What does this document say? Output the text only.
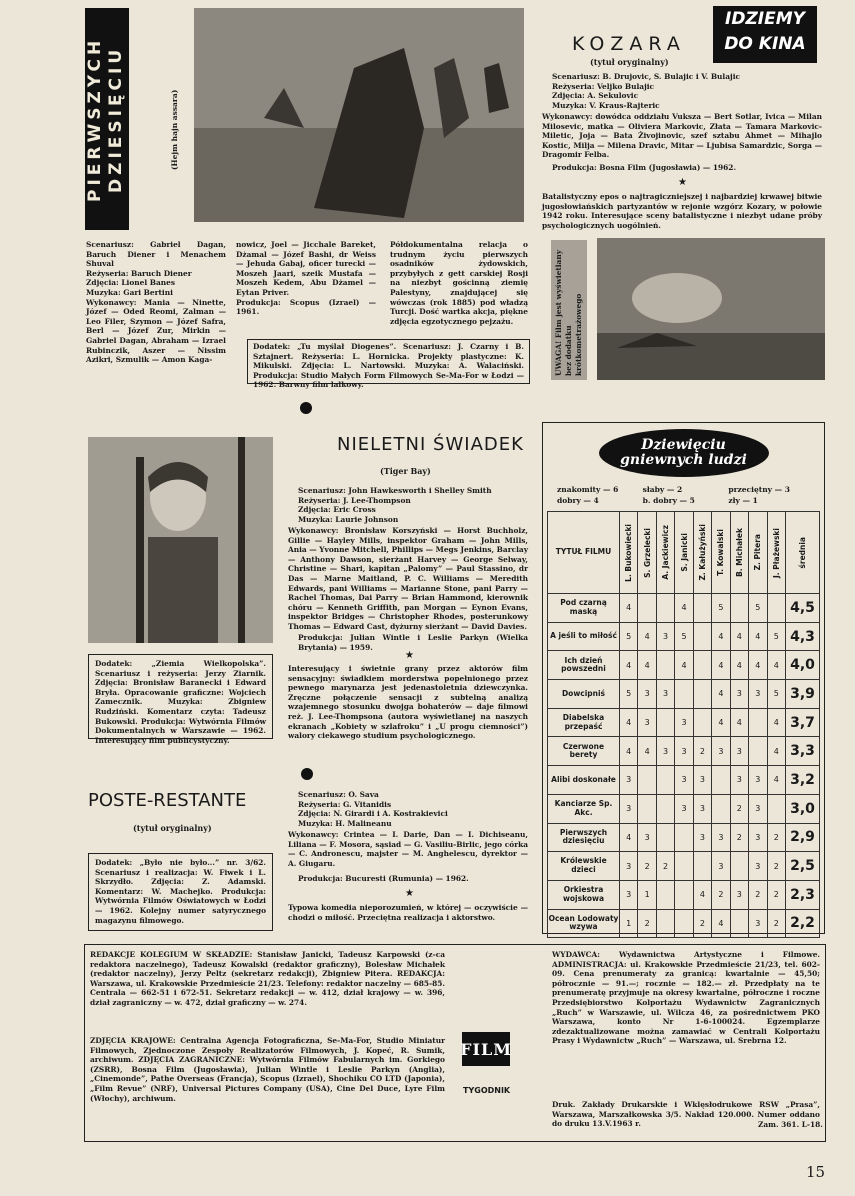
PIERWSZYCH DZIESIĘCIU	(Hejm hajn assara)
IDZIEMY
DO KINA
KOZARA
(tytuł oryginalny)
Scenariusz: B. Drujovic, S. Bulajic i V. Bulajic
Reżyseria: Veljko Bulajic
Zdjęcia: A. Sekulovic
Muzyka: V. Kraus-Rajteric
Wykonawcy: dowódca oddziału Vuksza — Bert Sotlar, Ivica — Milan Milosevic, matka — Oliviera Markovic, Złata — Tamara Markovic-Miletic, Joja — Bata Żivojinovic, szef sztabu Ahmet — Mihajlo Kostic, Milja — Milena Dravic, Mitar — Ljubisa Samardzic, Sorga — Dragomir Felba.
Produkcja: Bosna Film (Jugosławia) — 1962.
★
Batalistyczny epos o najtragiczniejszej i najbardziej krwawej bitwie jugosłowiańskich partyzantów w rejonie wzgórz Kozary, w połowie 1942 roku. Interesujące sceny batalistyczne i niezbyt udane próby psychologicznych uogólnień.
Scenariusz: Gabriel Dagan, Baruch Diener i Menachem Shuval
Reżyseria: Baruch Diener
Zdjęcia: Lionel Banes
Muzyka: Gari Bertini
Wykonawcy: Mania — Ninette, Józef — Oded Reomi, Zalman — Leo Filer, Szymon — Józef Safra, Berl — Józef Zur, Mirkin — Gabriel Dagan, Abraham — Izrael Rubinczik, Aszer — Nissim Azikri, Szmulik — Amon Kaga-
nowicz, Joel — Jicchale Bareket, Dżamal — Józef Bashi, dr Weiss — Jehuda Gabaj, oficer turecki — Moszeh Jaari, szeik Mustafa — Moszeh Kedem, Abu Dżamel — Eytan Priver.
Produkcja: Scopus (Izrael) — 1961.
Półdokumentalna relacja o trudnym życiu pierwszych osadników żydowskich, przybyłych z gett carskiej Rosji na niezbyt gościnną ziemię Palestyny, znajdującej się wówczas (rok 1885) pod władzą Turcji. Dość wartka akcja, piękne zdjęcia egzotycznego pejzażu.
Dodatek: „Tu myślał Diogenes”. Scenariusz: J. Czarny i B. Sztajnert. Reżyseria: L. Hornicka. Projekty plastyczne: K. Mikulski. Zdjęcia: L. Nartowski. Muzyka: A. Walaciński. Produkcja: Studio Małych Form Filmowych Se-Ma-For w Łodzi — 1962. Barwny film lalkowy.
UWAGA! Film jest wyświetlany bez dodatku krótkometrażowego
Dodatek: „Ziemia Wielkopolska”. Scenariusz i reżyseria: Jerzy Ziarnik. Zdjęcia: Bronisław Baranecki i Edward Bryła. Opracowanie graficzne: Wojciech Zamecznik. Muzyka: Zbigniew Rudziński. Komentarz czyta: Tadeusz Bukowski. Produkcja: Wytwórnia Filmów Dokumentalnych w Warszawie — 1962. Interesujący film publicystyczny.
NIELETNI ŚWIADEK
(Tiger Bay)
Scenariusz: John Hawkesworth i Shelley Smith
Reżyseria: J. Lee-Thompson
Zdjęcia: Eric Cross
Muzyka: Laurie Johnson
Wykonawcy: Bronisław Korszyński — Horst Buchholz, Gillie — Hayley Mills, inspektor Graham — John Mills, Ania — Yvonne Mitchell, Phillips — Megs Jenkins, Barclay — Anthony Dawson, sierżant Harvey — George Selway, Christine — Shari, kapitan „Palomy” — Paul Stassino, dr Das — Marne Maitland, P. C. Williams — Meredith Edwards, pani Williams — Marianne Stone, pani Parry — Rachel Thomas, Dai Parry — Brian Hammond, kierownik chóru — Kenneth Griffith, pan Morgan — Eynon Evans, inspektor Bridges — Christopher Rhodes, posterunkowy Thomas — Edward Cast, dyżurny sierżant — David Davies.
Produkcja: Julian Wintle i Leslie Parkyn (Wielka Brytania) — 1959.
★
Interesujący i świetnie grany przez aktorów film sensacyjny: świadkiem morderstwa popełnionego przez pewnego marynarza jest jedenastoletnia dziewczynka. Zręczne połączenie sensacji z subtelną analizą wzajemnego stosunku dwojga bohaterów — daje filmowi reż. J. Lee-Thompsona (autora wyświetlanej na naszych ekranach „Kobiety w szlafroku” i „U progu ciemności”) walory ciekawego studium psychologicznego.
POSTE-RESTANTE
(tytuł oryginalny)
Dodatek: „Było nie było...” nr. 3/62. Scenariusz i realizacja: W. Fiwek i L. Skrzydło. Zdjęcia: Z. Adamski. Komentarz: W. Machejko. Produkcja: Wytwórnia Filmów Oświatowych w Łodzi — 1962. Kolejny numer satyrycznego magazynu filmowego.
Scenariusz: O. Sava
Reżyseria: G. Vitanidis
Zdjęcia: N. Girardi i A. Kostrakievici
Muzyka: H. Malineanu
Wykonawcy: Crintea — I. Darie, Dan — I. Dichiseanu, Liliana — F. Mosora, sąsiad — G. Vasiliu-Birlic, jego córka — C. Andronescu, majster — M. Anghelescu, dyrektor — A. Giugaru.
Produkcja: Bucuresti (Rumunia) — 1962.
★
Typowa komedia nieporozumień, w której — oczywiście — chodzi o miłość. Przeciętna realizacja i aktorstwo.
Dziewięciu gniewnych ludzi
znakomity — 6	słaby — 2	przeciętny — 3
dobry — 4	b. dobry — 5	zły — 1
TYTUŁ FILMU	L. Bukowiecki	S. Grzelecki	A. Jackiewicz	S. Janicki	Z. Kałużyński	T. Kowalski	B. Michałek	Z. Pitera	J. Płażewski	średnia

Pod czarną maską	4			4		5		5		4,5
A jeśli to miłość	5	4	3	5		4	4	4	5	4,3
Ich dzień powszedni	4	4		4		4	4	4	4	4,0
Dowcipniś	5	3	3			4	3	3	5	3,9
Diabelska przepaść	4	3		3		4	4		4	3,7
Czerwone berety	4	4	3	3	2	3	3		4	3,3
Alibi doskonałe	3			3	3		3	3	4	3,2
Kanciarze Sp. Akc.	3			3	3		2	3		3,0
Pierwszych dziesięciu	4	3			3	3	2	3	2	2,9
Królewskie dzieci	3	2	2			3		3	2	2,5
Orkiestra wojskowa	3	1			4	2	3	2	2	2,3
Ocean Lodowaty wzywa	1	2			2	4		3	2	2,2
REDAKCJE KOLEGIUM W SKŁADZIE: Stanisław Janicki, Tadeusz Karpowski (z-ca redaktora naczelnego), Tadeusz Kowalski (redaktor graficzny), Bolesław Michałek (redaktor naczelny), Jerzy Peltz (sekretarz redakcji), Zbigniew Pitera. REDAKCJA: Warszawa, ul. Krakowskie Przedmieście 21/23. Telefony: redaktor naczelny — 685-85. Centrala — 662-51 i 672-51. Sekretarz redakcji — w. 412, dział krajowy — w. 396, dział zagraniczny — w. 472, dział graficzny — w. 274.
ZDJĘCIA KRAJOWE: Centralna Agencja Fotograficzna, Se-Ma-For, Studio Miniatur Filmowych, Zjednoczone Zespoły Realizatorów Filmowych, J. Kopeć, R. Sumik, archiwum. ZDJĘCIA ZAGRANICZNE: Wytwórnia Filmów Fabularnych im. Gorkiego (ZSRR), Bosna Film (Jugosławia), Julian Wintle i Leslie Parkyn (Anglia), „Cinemonde”, Pathe Overseas (Francja), Scopus (Izrael), Shochiku CO LTD (Japonia), „Film Revue” (NRF), Universal Pictures Company (USA), Cine Del Duce, Lyre Film (Włochy), archiwum.
FILM
TYGODNIK
WYDAWCA: Wydawnictwa Artystyczne i Filmowe. ADMINISTRACJA: ul. Krakowskie Przedmieście 21/23, tel. 602-09. Cena prenumeraty za granicą: kwartalnie — 45,50; półrocznie — 91.—; rocznie — 182.— zł. Przedpłaty na te prenumeratę przyjmuje na okresy kwartalne, półroczne i roczne Przedsiębiorstwo Kolportażu Wydawnictw Zagranicznych „Ruch” w Warszawie, ul. Wilcza 46, za pośrednictwem PKO Warszawa, konto Nr 1-6-100024. Egzemplarze zdezaktualizowane można zamawiać w Centrali Kolportażu Prasy i Wydawnictw „Ruch” — Warszawa, ul. Srebrna 12.
Druk. Zakłady Drukarskie i Wklęsłodrukowe RSW „Prasa”, Warszawa, Marszałkowska 3/5. Nakład 120.000. Numer oddano do druku 13.V.1963 r.	Zam. 361. L-18.
15
